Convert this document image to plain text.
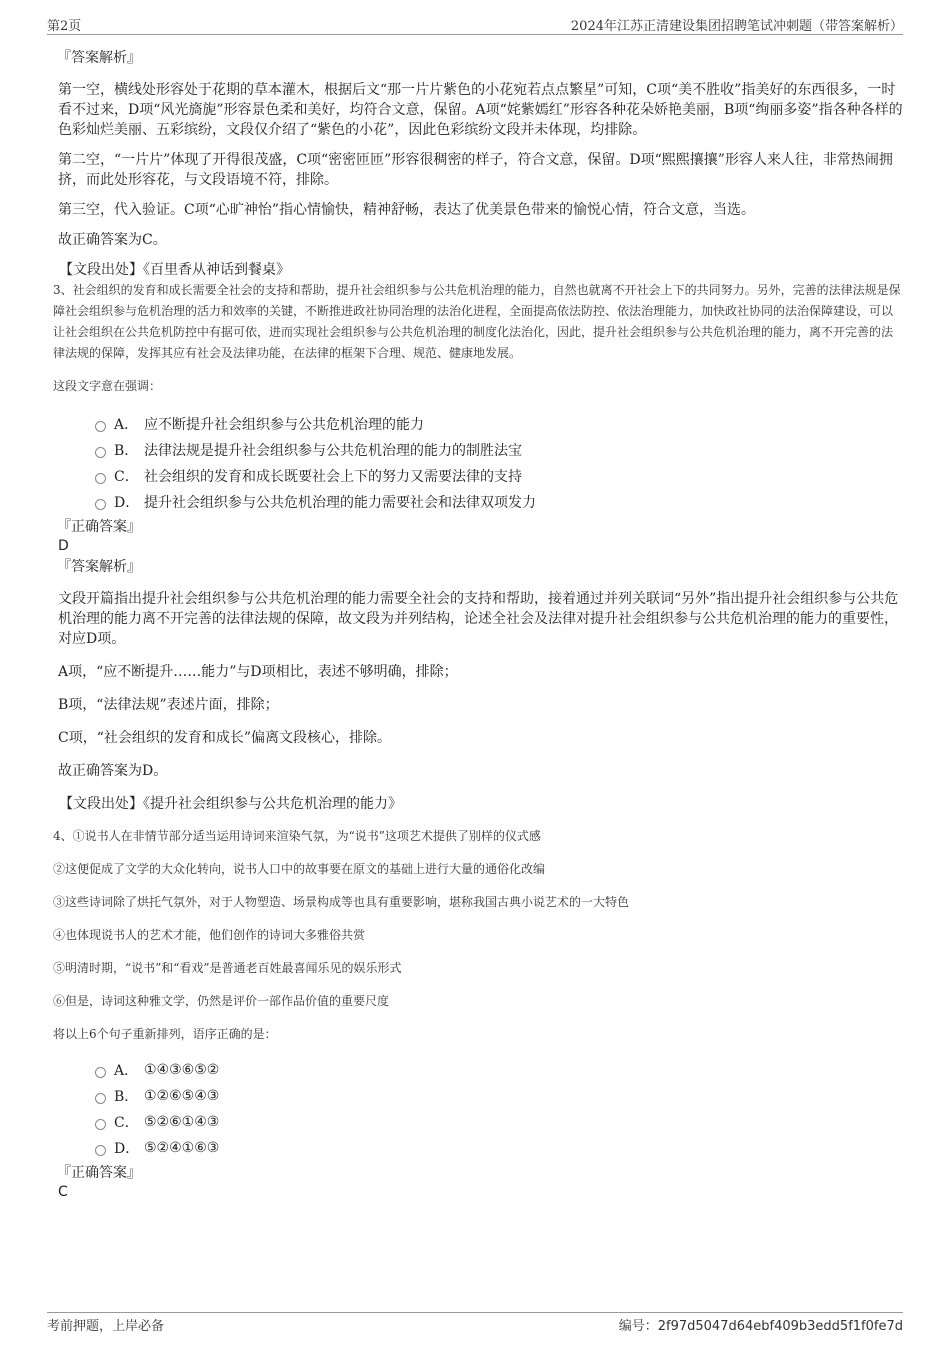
第2页	2024年江苏正清建设集团招聘笔试冲刺题（带答案解析）
『答案解析』

第一空，横线处形容处于花期的草本灌木，根据后文“那一片片紫色的小花宛若点点繁星”可知，C项“美不胜收”指美好的东西很多，一时看不过来，D项“风光旖旎”形容景色柔和美好，均符合文意，保留。A项“姹紫嫣红”形容各种花朵娇艳美丽，B项“绚丽多姿”指各种各样的色彩灿烂美丽、五彩缤纷，文段仅介绍了“紫色的小花”，因此色彩缤纷文段并未体现，均排除。

第二空，“一片片”体现了开得很茂盛，C项“密密匝匝”形容很稠密的样子，符合文意，保留。D项“熙熙攘攘”形容人来人往，非常热闹拥挤，而此处形容花，与文段语境不符，排除。

第三空，代入验证。C项“心旷神怡”指心情愉快，精神舒畅，表达了优美景色带来的愉悦心情，符合文意，当选。

故正确答案为C。

【文段出处】《百里香从神话到餐桌》

3、社会组织的发育和成长需要全社会的支持和帮助，提升社会组织参与公共危机治理的能力，自然也就离不开社会上下的共同努力。另外，完善的法律法规是保障社会组织参与危机治理的活力和效率的关键，不断推进政社协同治理的法治化进程，全面提高依法防控、依法治理能力，加快政社协同的法治保障建设，可以让社会组织在公共危机防控中有据可依，进而实现社会组织参与公共危机治理的制度化法治化，因此，提升社会组织参与公共危机治理的能力，离不开完善的法律法规的保障，发挥其应有社会及法律功能，在法律的框架下合理、规范、健康地发展。

这段文字意在强调：

A． 应不断提升社会组织参与公共危机治理的能力
B． 法律法规是提升社会组织参与公共危机治理的能力的制胜法宝
C． 社会组织的发育和成长既要社会上下的努力又需要法律的支持
D． 提升社会组织参与公共危机治理的能力需要社会和法律双项发力
『正确答案』
D
『答案解析』

文段开篇指出提升社会组织参与公共危机治理的能力需要全社会的支持和帮助，接着通过并列关联词“另外”指出提升社会组织参与公共危机治理的能力离不开完善的法律法规的保障，故文段为并列结构，论述全社会及法律对提升社会组织参与公共危机治理的能力的重要性，对应D项。

A项，“应不断提升……能力”与D项相比，表述不够明确，排除；

B项，“法律法规”表述片面，排除；

C项，“社会组织的发育和成长”偏离文段核心，排除。

故正确答案为D。

【文段出处】《提升社会组织参与公共危机治理的能力》

4、①说书人在非情节部分适当运用诗词来渲染气氛，为“说书”这项艺术提供了别样的仪式感

②这便促成了文学的大众化转向，说书人口中的故事要在原文的基础上进行大量的通俗化改编

③这些诗词除了烘托气氛外，对于人物塑造、场景构成等也具有重要影响，堪称我国古典小说艺术的一大特色

④也体现说书人的艺术才能，他们创作的诗词大多雅俗共赏

⑤明清时期，“说书”和“看戏”是普通老百姓最喜闻乐见的娱乐形式

⑥但是，诗词这种雅文学，仍然是评价一部作品价值的重要尺度

将以上6个句子重新排列，语序正确的是：

A． ①④③⑥⑤②
B． ①②⑥⑤④③
C． ⑤②⑥①④③
D． ⑤②④①⑥③
『正确答案』
C
考前押题，上岸必备	编号：2f97d5047d64ebf409b3edd5f1f0fe7d
